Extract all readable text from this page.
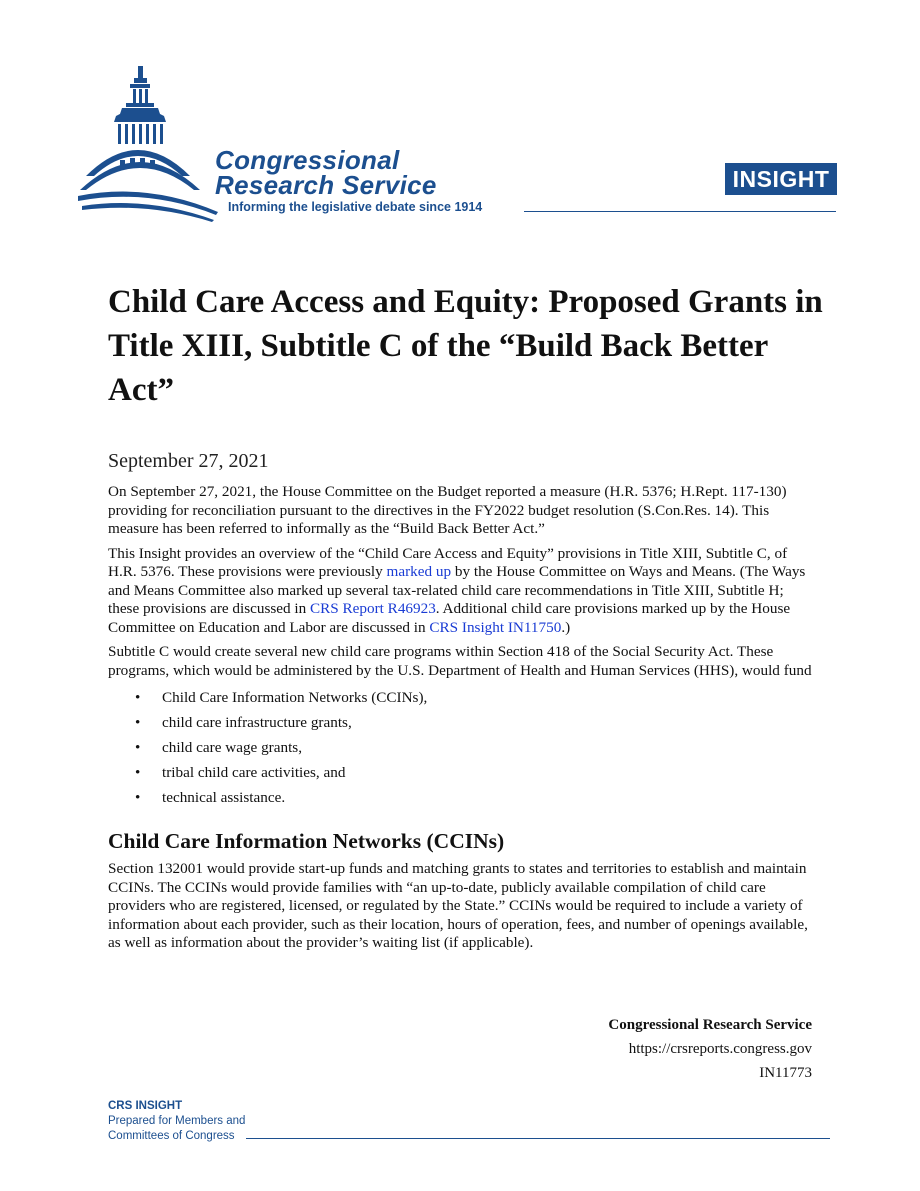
Congressional
Research Service
Informing the legislative debate since 1914
INSIGHT
Child Care Access and Equity: Proposed Grants in Title XIII, Subtitle C of the “Build Back Better Act”
September 27, 2021

On September 27, 2021, the House Committee on the Budget reported a measure (H.R. 5376; H.Rept. 117-130) providing for reconciliation pursuant to the directives in the FY2022 budget resolution (S.Con.Res. 14). This measure has been referred to informally as the “Build Back Better Act.”

This Insight provides an overview of the “Child Care Access and Equity” provisions in Title XIII, Subtitle C, of H.R. 5376. These provisions were previously marked up by the House Committee on Ways and Means. (The Ways and Means Committee also marked up several tax-related child care recommendations in Title XIII, Subtitle H; these provisions are discussed in CRS Report R46923. Additional child care provisions marked up by the House Committee on Education and Labor are discussed in CRS Insight IN11750.)

Subtitle C would create several new child care programs within Section 418 of the Social Security Act. These programs, which would be administered by the U.S. Department of Health and Human Services (HHS), would fund

• Child Care Information Networks (CCINs),
• child care infrastructure grants,
• child care wage grants,
• tribal child care activities, and
• technical assistance.
Child Care Information Networks (CCINs)

Section 132001 would provide start-up funds and matching grants to states and territories to establish and maintain CCINs. The CCINs would provide families with “an up-to-date, publicly available compilation of child care providers who are registered, licensed, or regulated by the State.” CCINs would be required to include a variety of information about each provider, such as their location, hours of operation, fees, and number of openings available, as well as information about the provider’s waiting list (if applicable).

Congressional Research Service
https://crsreports.congress.gov
IN11773
CRS INSIGHT
Prepared for Members and
Committees of Congress
